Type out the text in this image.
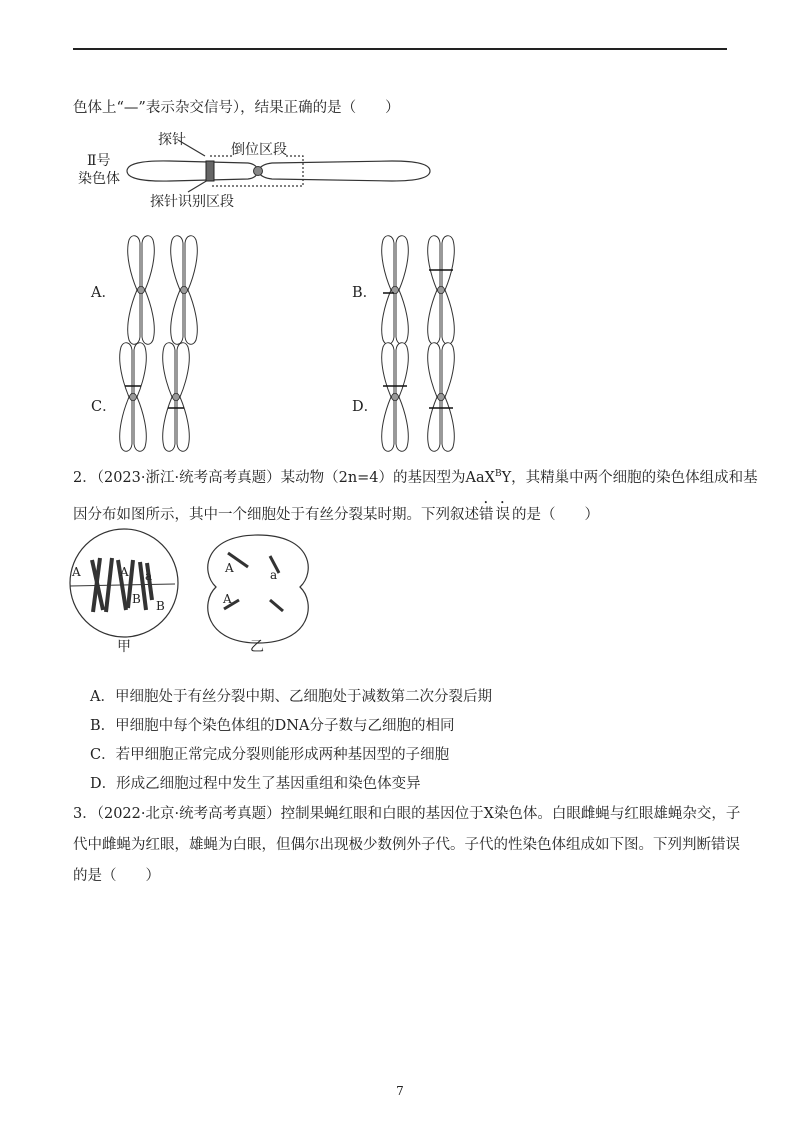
色体上“—”表示杂交信号），结果正确的是（　　）
Ⅱ号
染色体
探针
倒位区段
探针识别区段
A．	B．
C．	D．
2．（2023·浙江·统考高考真题）某动物（2n=4）的基因型为AaX$^B$Y，其精巢中两个细胞的染色体组成和基
因分布如图所示，其中一个细胞处于有丝分裂某时期。下列叙述错误的是（　　）
A	A a
B B
A	a
A
甲	乙
A．甲细胞处于有丝分裂中期、乙细胞处于减数第二次分裂后期
B．甲细胞中每个染色体组的DNA分子数与乙细胞的相同
C．若甲细胞正常完成分裂则能形成两种基因型的子细胞
D．形成乙细胞过程中发生了基因重组和染色体变异
3．（2022·北京·统考高考真题）控制果蝇红眼和白眼的基因位于X染色体。白眼雌蝇与红眼雄蝇杂交，子
代中雌蝇为红眼，雄蝇为白眼，但偶尔出现极少数例外子代。子代的性染色体组成如下图。下列判断错误
的是（　　）
7
